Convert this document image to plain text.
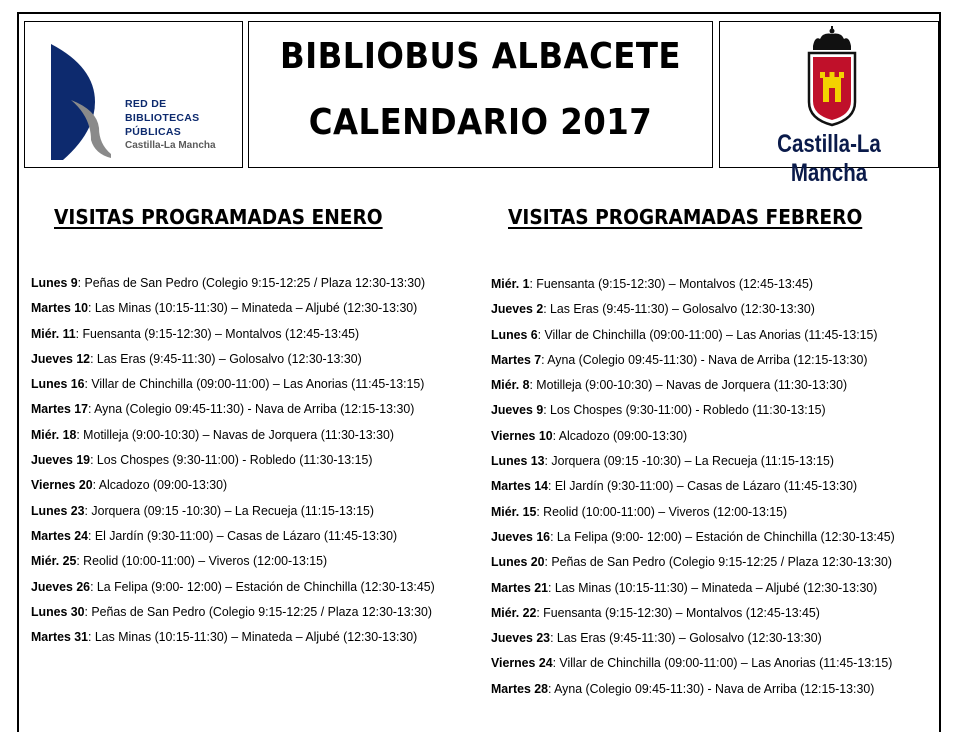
RED DE
BIBLIOTECAS
PÚBLICAS
Castilla-La Mancha
BIBLIOBUS ALBACETE
CALENDARIO 2017
Castilla-La Mancha
VISITAS PROGRAMADAS ENERO	VISITAS PROGRAMADAS FEBRERO
Lunes 9: Peñas de San Pedro (Colegio 9:15-12:25 / Plaza 12:30-13:30)
Martes 10: Las Minas (10:15-11:30) – Minateda – Aljubé (12:30-13:30)
Miér. 11: Fuensanta (9:15-12:30) – Montalvos (12:45-13:45)
Jueves 12: Las Eras (9:45-11:30) – Golosalvo (12:30-13:30)
Lunes 16: Villar de Chinchilla (09:00-11:00) – Las Anorias (11:45-13:15)
Martes 17: Ayna (Colegio 09:45-11:30) - Nava de Arriba (12:15-13:30)
Miér. 18: Motilleja (9:00-10:30) – Navas de Jorquera (11:30-13:30)
Jueves 19: Los Chospes (9:30-11:00) - Robledo (11:30-13:15)
Viernes 20: Alcadozo (09:00-13:30)
Lunes 23: Jorquera (09:15 -10:30) – La Recueja (11:15-13:15)
Martes 24: El Jardín (9:30-11:00) – Casas de Lázaro (11:45-13:30)
Miér. 25: Reolid (10:00-11:00) – Viveros (12:00-13:15)
Jueves 26: La Felipa (9:00- 12:00) – Estación de Chinchilla (12:30-13:45)
Lunes 30: Peñas de San Pedro (Colegio 9:15-12:25 / Plaza 12:30-13:30)
Martes 31: Las Minas (10:15-11:30) – Minateda – Aljubé (12:30-13:30)
Miér. 1: Fuensanta (9:15-12:30) – Montalvos (12:45-13:45)
Jueves 2: Las Eras (9:45-11:30) – Golosalvo (12:30-13:30)
Lunes 6: Villar de Chinchilla (09:00-11:00) – Las Anorias (11:45-13:15)
Martes 7: Ayna (Colegio 09:45-11:30) - Nava de Arriba (12:15-13:30)
Miér. 8: Motilleja (9:00-10:30) – Navas de Jorquera (11:30-13:30)
Jueves 9: Los Chospes (9:30-11:00) - Robledo (11:30-13:15)
Viernes 10: Alcadozo (09:00-13:30)
Lunes 13: Jorquera (09:15 -10:30) – La Recueja (11:15-13:15)
Martes 14: El Jardín (9:30-11:00) – Casas de Lázaro (11:45-13:30)
Miér. 15: Reolid (10:00-11:00) – Viveros (12:00-13:15)
Jueves 16: La Felipa (9:00- 12:00) – Estación de Chinchilla (12:30-13:45)
Lunes 20: Peñas de San Pedro (Colegio 9:15-12:25 / Plaza 12:30-13:30)
Martes 21: Las Minas (10:15-11:30) – Minateda – Aljubé (12:30-13:30)
Miér. 22: Fuensanta (9:15-12:30) – Montalvos (12:45-13:45)
Jueves 23: Las Eras (9:45-11:30) – Golosalvo (12:30-13:30)
Viernes 24: Villar de Chinchilla (09:00-11:00) – Las Anorias (11:45-13:15)
Martes 28: Ayna (Colegio 09:45-11:30) - Nava de Arriba (12:15-13:30)
